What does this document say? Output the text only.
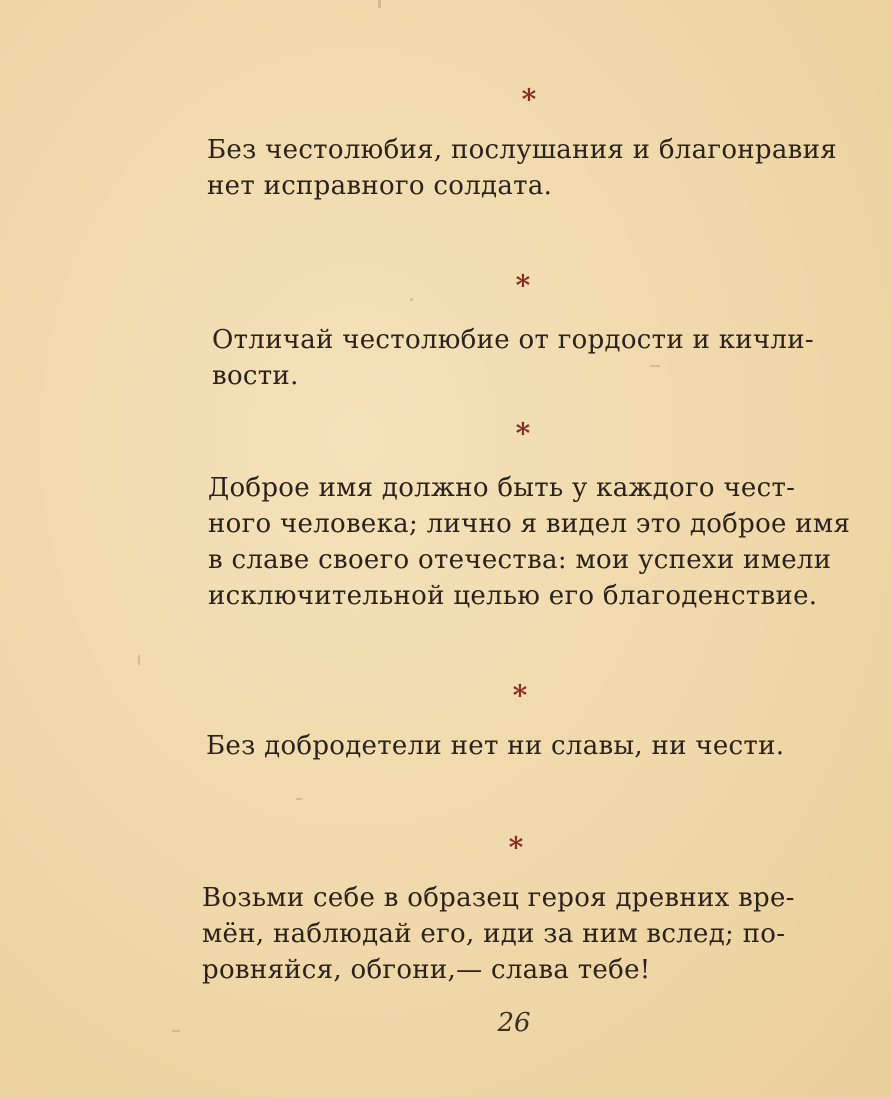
*
Без честолюбия, послушания и благонравия
нет исправного солдата.
*
Отличай честолюбие от гордости и кичли-
вости.
*
Доброе имя должно быть у каждого чест-
ного человека; лично я видел это доброе имя
в славе своего отечества: мои успехи имели
исключительной целью его благоденствие.
*
Без добродетели нет ни славы, ни чести.
*
Возьми себе в образец героя древних вре-
мён, наблюдай его, иди за ним вслед; по-
ровняйся, обгони,— слава тебе!
26
